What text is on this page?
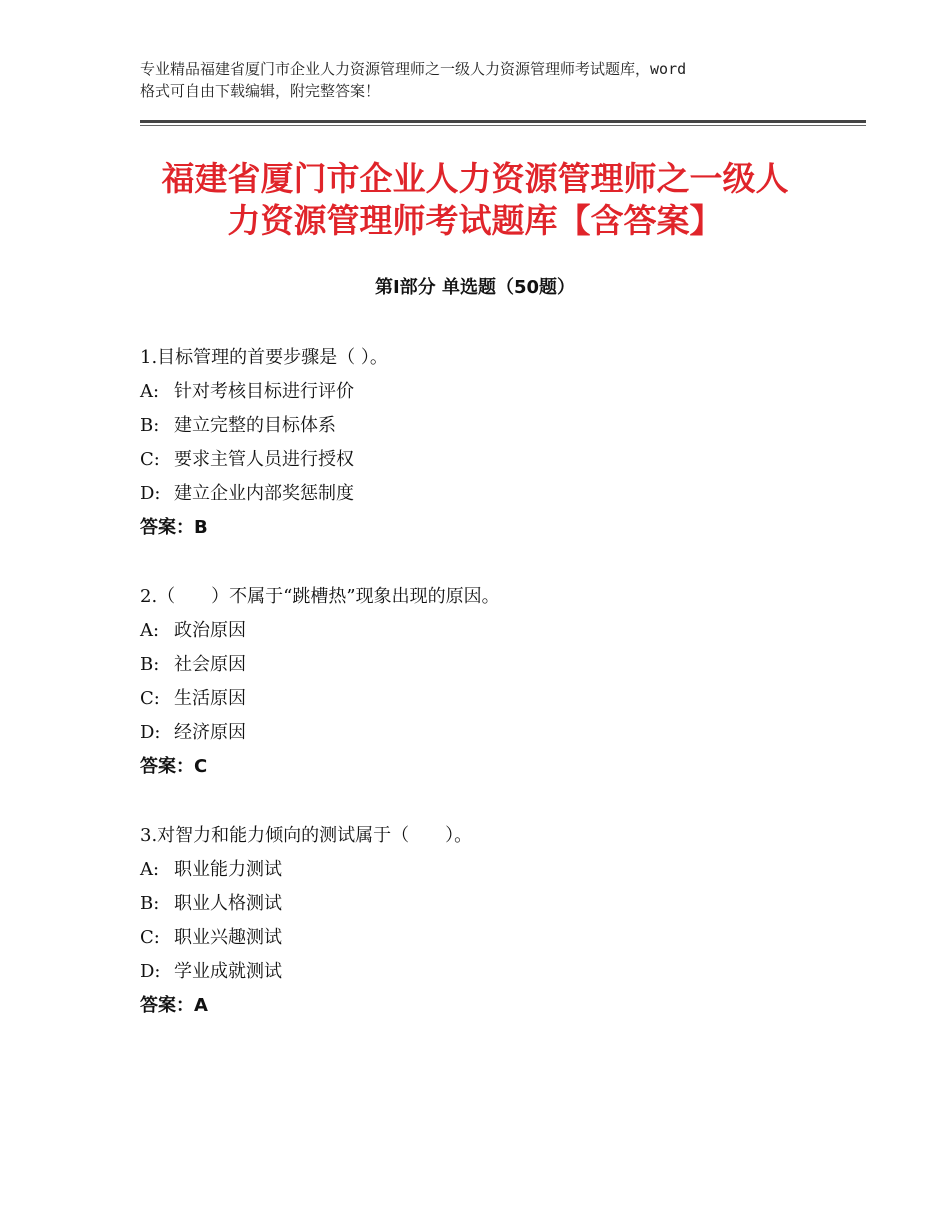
专业精品福建省厦门市企业人力资源管理师之一级人力资源管理师考试题库，word
格式可自由下载编辑，附完整答案！
福建省厦门市企业人力资源管理师之一级人
力资源管理师考试题库【含答案】
第Ⅰ部分 单选题（50题）
1.目标管理的首要步骤是（ ）。
A: 针对考核目标进行评价
B: 建立完整的目标体系
C: 要求主管人员进行授权
D: 建立企业内部奖惩制度
答案：B
2.（　　）不属于“跳槽热”现象出现的原因。
A: 政治原因
B: 社会原因
C: 生活原因
D: 经济原因
答案：C
3.对智力和能力倾向的测试属于（　　）。
A: 职业能力测试
B: 职业人格测试
C: 职业兴趣测试
D: 学业成就测试
答案：A
